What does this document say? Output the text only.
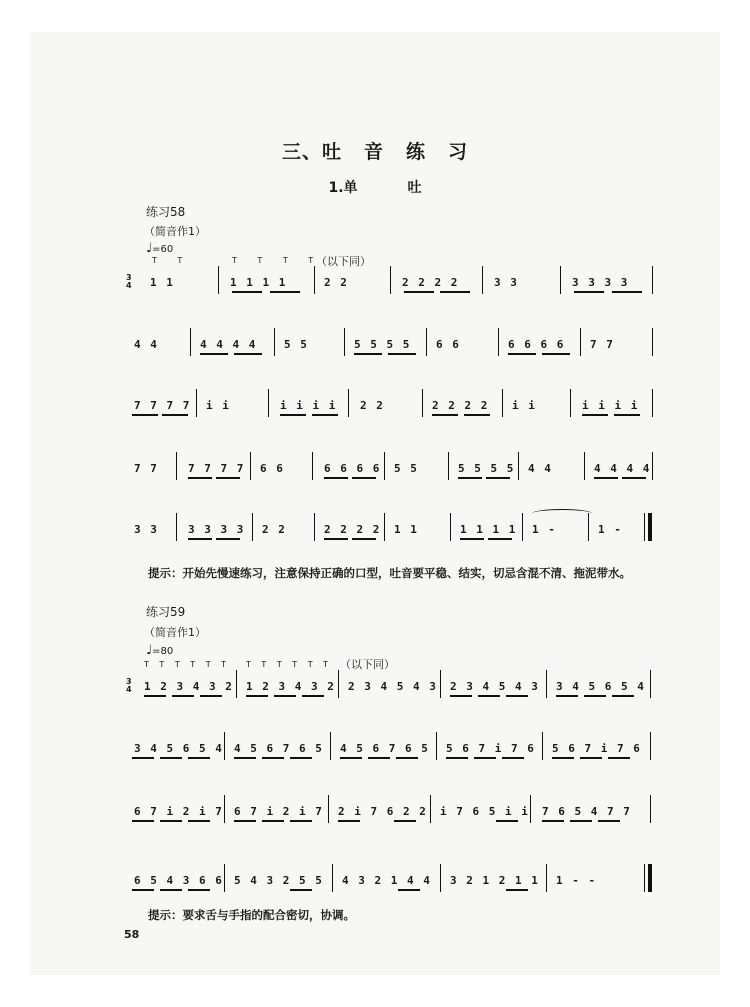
三、吐 音 练 习
1.单	吐
练习58
（简音作1）
♩=60
（以下同）
3
4
T T	T T T T
1 1	1 1 1 1	2 2	2 2 2 2	3 3	3 3 3 3
4 4	4 4 4 4 5 5	5 5 5 5 6 6	6 6 6 6 7 7
7 7 7 7 i i	i i i i 2 2	2 2 2 2 i i	i i i i
7 7	7 7 7 7 6 6	6 6 6 6 5 5	5 5 5 5 4 4	4 4 4 4
3 3	3 3 3 3 2 2	2 2 2 2 1 1	1 1 1 1 1 -	1 -
提示：开始先慢速练习，注意保持正确的口型，吐音要平稳、结实，切忌含混不清、拖泥带水。
练习59
（简音作1）
♩=80
（以下同）
3
4
T T T T T T T T T T T T
1 2 3 4 3 2 1 2 3 4 3 2 2 3 4 5 4 3 2 3 4 5 4 3 3 4 5 6 5 4
3 4 5 6 5 4 4 5 6 7 6 5 4 5 6 7 6 5 5 6 7 i 7 6 5 6 7 i 7 6
6 7 i 2 i 7 6 7 i 2 i 7 2 i 7 6 2 2 i 7 6 5 i i 7 6 5 4 7 7
6 5 4 3 6 6 5 4 3 2 5 5 4 3 2 1 4 4 3 2 1 2 1 1 1 - -
提示：要求舌与手指的配合密切，协调。
58
